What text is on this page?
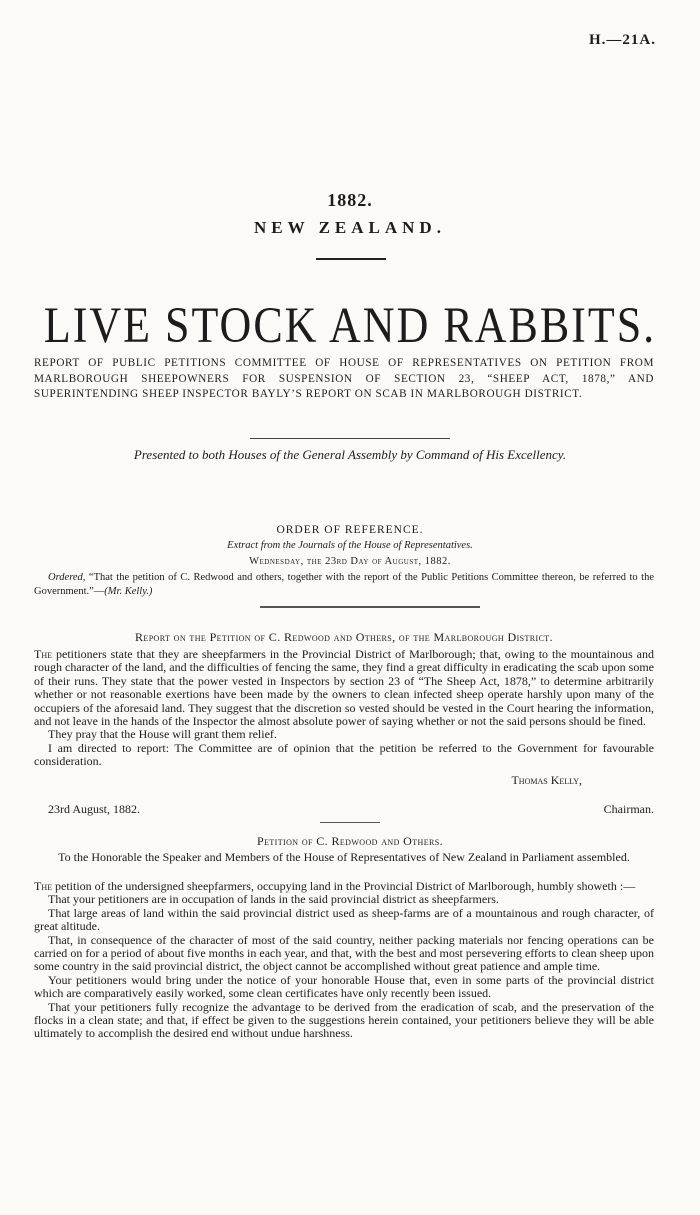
H.—21A.
1882.
NEW ZEALAND.
LIVE STOCK AND RABBITS.
REPORT OF PUBLIC PETITIONS COMMITTEE OF HOUSE OF REPRESENTATIVES ON PETITION FROM MARLBOROUGH SHEEPOWNERS FOR SUSPENSION OF SECTION 23, “SHEEP ACT, 1878,” AND SUPERINTENDING SHEEP INSPECTOR BAYLY’S REPORT ON SCAB IN MARLBOROUGH DISTRICT.
Presented to both Houses of the General Assembly by Command of His Excellency.
ORDER OF REFERENCE.
Extract from the Journals of the House of Representatives.
Wednesday, the 23rd Day of August, 1882.
Ordered, “That the petition of C. Redwood and others, together with the report of the Public Petitions Committee thereon, be referred to the Government.”—(Mr. Kelly.)
Report on the Petition of C. Redwood and Others, of the Marlborough District.

The petitioners state that they are sheepfarmers in the Provincial District of Marlborough; that, owing to the mountainous and rough character of the land, and the difficulties of fencing the same, they find a great difficulty in eradicating the scab upon some of their runs. They state that the power vested in Inspectors by section 23 of “The Sheep Act, 1878,” to determine arbitrarily whether or not reasonable exertions have been made by the owners to clean infected sheep operate harshly upon many of the occupiers of the aforesaid land. They suggest that the discretion so vested should be vested in the Court hearing the information, and not leave in the hands of the Inspector the almost absolute power of saying whether or not the said persons should be fined.

They pray that the House will grant them relief.

I am directed to report: The Committee are of opinion that the petition be referred to the Government for favourable consideration.

Thomas Kelly,
23rd August, 1882.	Chairman.
Petition of C. Redwood and Others.
To the Honorable the Speaker and Members of the House of Representatives of New Zealand in Parliament assembled.

The petition of the undersigned sheepfarmers, occupying land in the Provincial District of Marlborough, humbly showeth :—

That your petitioners are in occupation of lands in the said provincial district as sheepfarmers.

That large areas of land within the said provincial district used as sheep-farms are of a mountainous and rough character, of great altitude.

That, in consequence of the character of most of the said country, neither packing materials nor fencing operations can be carried on for a period of about five months in each year, and that, with the best and most persevering efforts to clean sheep upon some country in the said provincial district, the object cannot be accomplished without great patience and ample time.

Your petitioners would bring under the notice of your honorable House that, even in some parts of the provincial district which are comparatively easily worked, some clean certificates have only recently been issued.

That your petitioners fully recognize the advantage to be derived from the eradication of scab, and the preservation of the flocks in a clean state; and that, if effect be given to the suggestions herein contained, your petitioners believe they will be able ultimately to accomplish the desired end without undue harshness.
